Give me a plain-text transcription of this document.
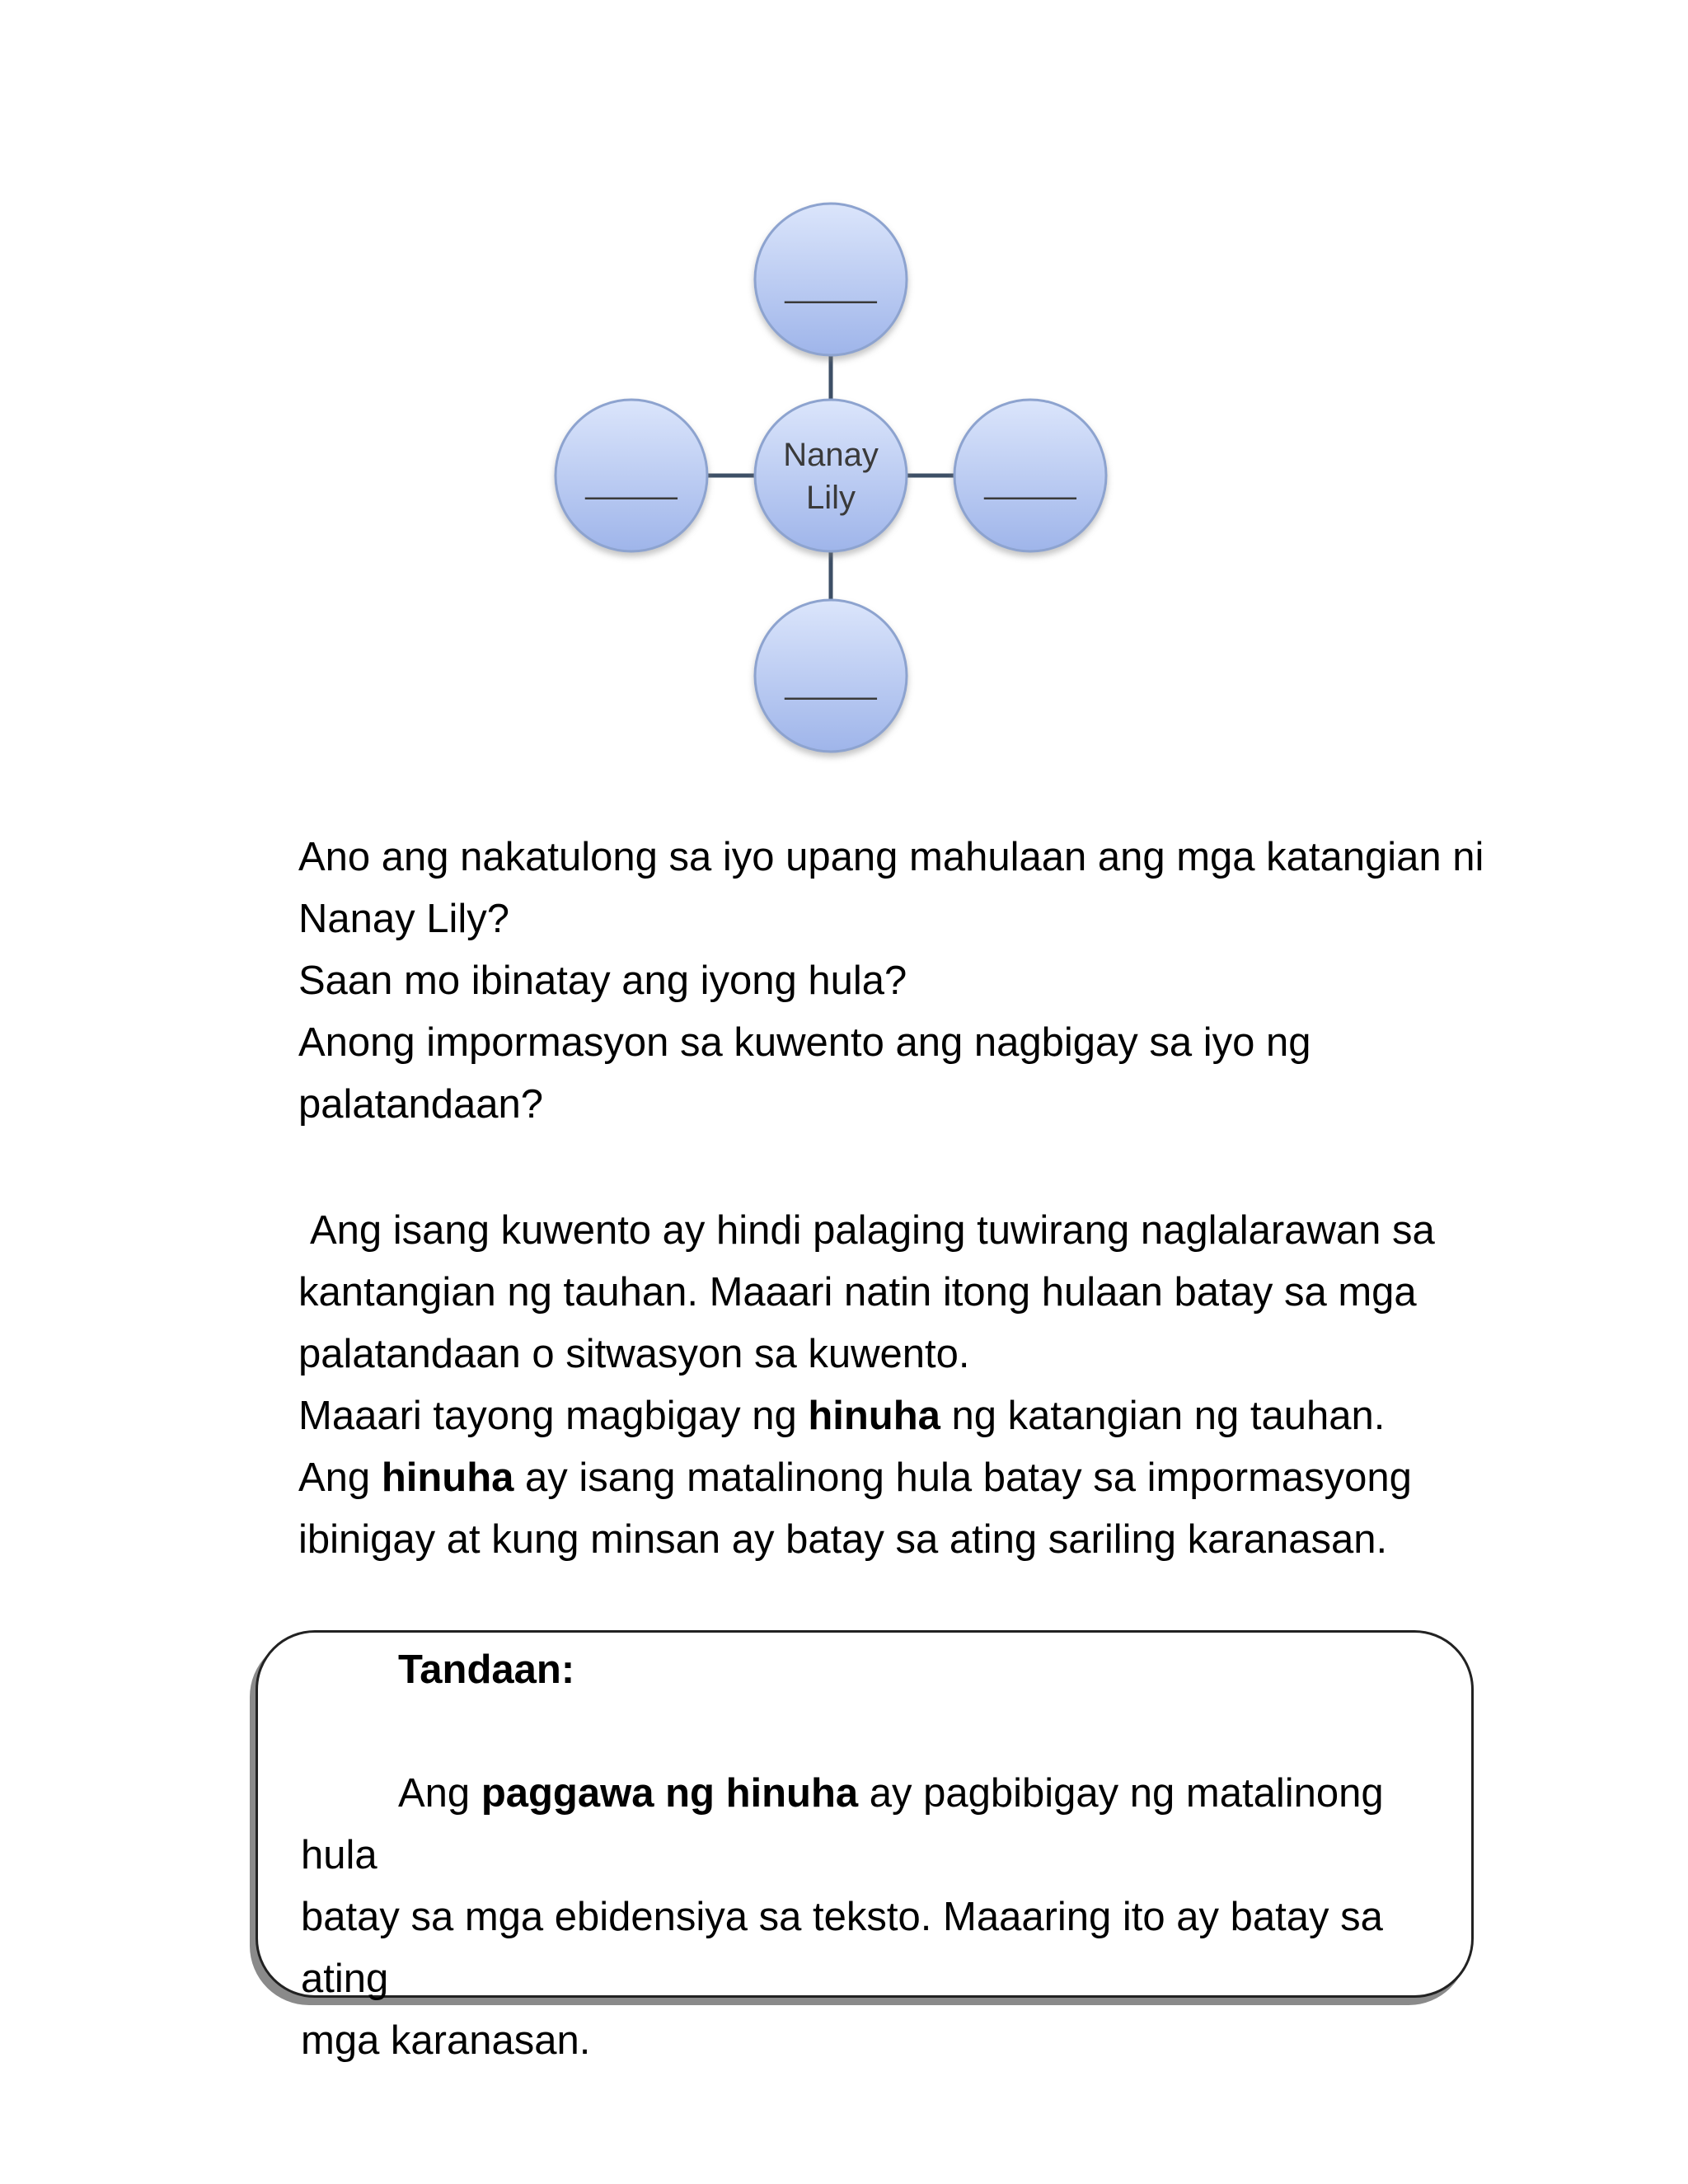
_____
_____	_____
_____
Nanay
Lily

Ano ang nakatulong sa iyo upang mahulaan ang mga katangian ni

Nanay Lily?

Saan mo ibinatay ang iyong hula?

Anong impormasyon sa kuwento ang nagbigay sa iyo ng

palatandaan?

Ang isang kuwento ay hindi palaging tuwirang naglalarawan sa

kantangian ng tauhan. Maaari natin itong hulaan batay sa mga

palatandaan o sitwasyon sa kuwento.

Maaari tayong magbigay ng hinuha ng katangian ng tauhan.

Ang hinuha ay isang matalinong hula batay sa impormasyong

ibinigay at kung minsan ay batay sa ating sariling karanasan.

Tandaan:
Ang paggawa ng hinuha ay pagbibigay ng matalinong hula
batay sa mga ebidensiya sa teksto. Maaaring ito ay batay sa ating
mga karanasan.
